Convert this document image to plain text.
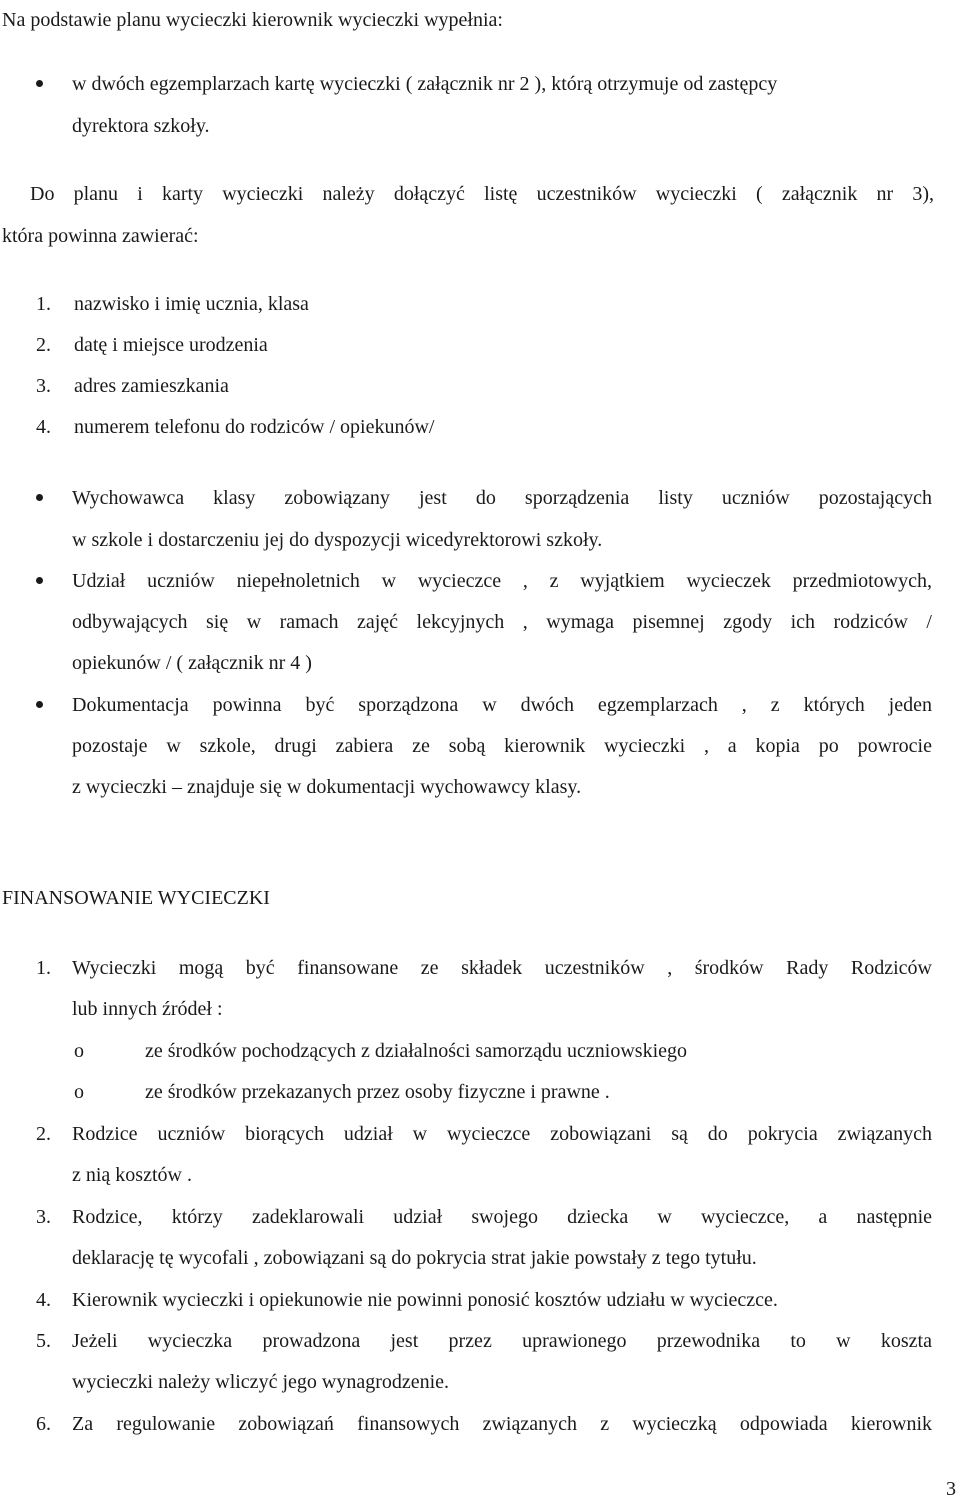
Na podstawie planu wycieczki kierownik wycieczki wypełnia:
w dwóch egzemplarzach kartę wycieczki ( załącznik nr 2 ), którą otrzymuje od zastępcy
dyrektora szkoły.
Do planu i karty wycieczki należy dołączyć listę uczestników wycieczki ( załącznik nr 3),
która powinna zawierać:
1. nazwisko i imię ucznia, klasa
2. datę i miejsce urodzenia
3. adres zamieszkania
4. numerem telefonu do rodziców / opiekunów/
Wychowawca klasy zobowiązany jest do sporządzenia listy uczniów pozostających
w szkole i dostarczeniu jej do dyspozycji wicedyrektorowi szkoły.
Udział uczniów niepełnoletnich w wycieczce , z wyjątkiem wycieczek przedmiotowych,
odbywających się w ramach zajęć lekcyjnych , wymaga pisemnej zgody ich rodziców /
opiekunów / ( załącznik nr 4 )
Dokumentacja powinna być sporządzona w dwóch egzemplarzach , z których jeden
pozostaje w szkole, drugi zabiera ze sobą kierownik wycieczki , a kopia po powrocie
z wycieczki – znajduje się w dokumentacji wychowawcy klasy.
FINANSOWANIE WYCIECZKI
1. Wycieczki mogą być finansowane ze składek uczestników , środków Rady Rodziców
lub innych źródeł :
o	ze środków pochodzących z działalności samorządu uczniowskiego
o	ze środków przekazanych przez osoby fizyczne i prawne .
2. Rodzice uczniów biorących udział w wycieczce zobowiązani są do pokrycia związanych
z nią kosztów .
3. Rodzice, którzy zadeklarowali udział swojego dziecka w wycieczce, a następnie
deklarację tę wycofali , zobowiązani są do pokrycia strat jakie powstały z tego tytułu.
4. Kierownik wycieczki i opiekunowie nie powinni ponosić kosztów udziału w wycieczce.
5. Jeżeli wycieczka prowadzona jest przez uprawionego przewodnika to w koszta
wycieczki należy wliczyć jego wynagrodzenie.
6. Za regulowanie zobowiązań finansowych związanych z wycieczką odpowiada kierownik
3
